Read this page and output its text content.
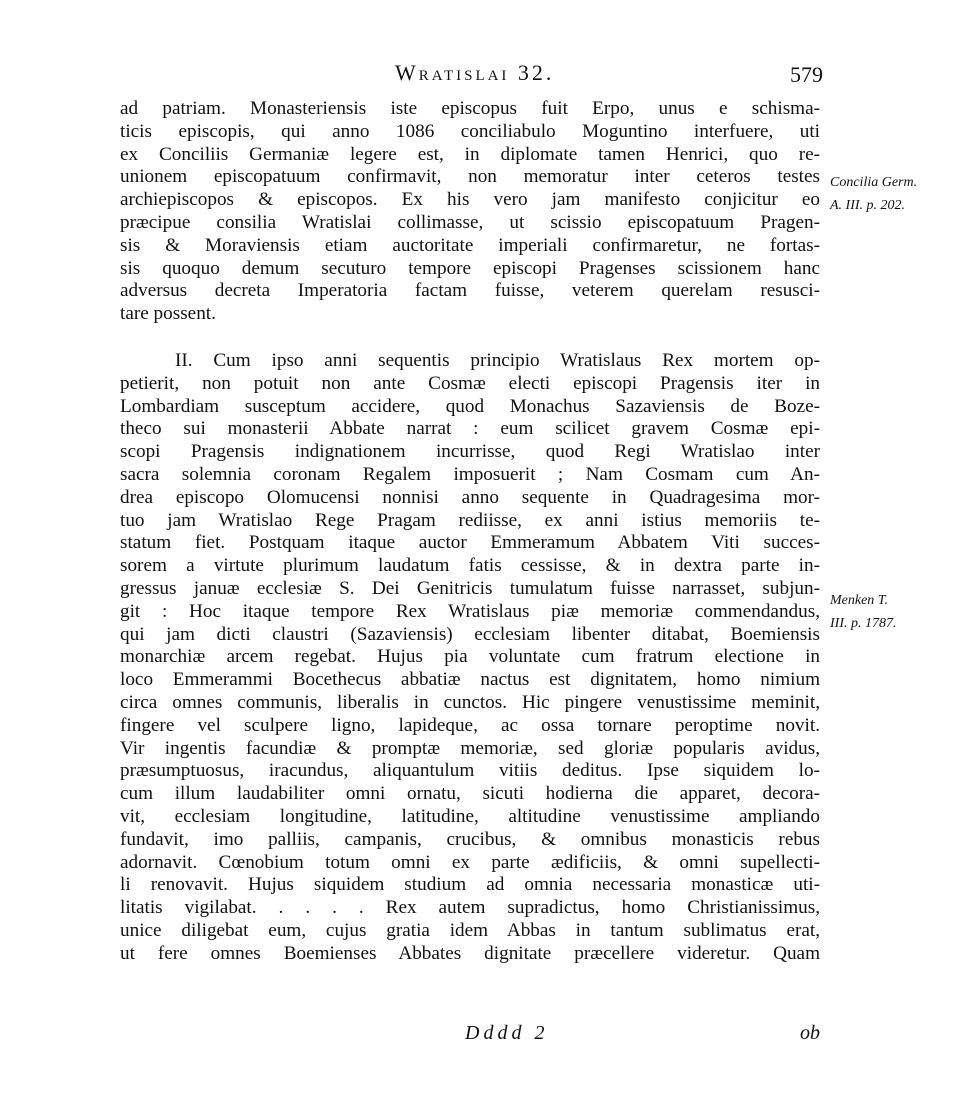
Wratislai 32.	579
ad patriam. Monasteriensis iste episcopus fuit Erpo, unus e schisma-
ticis episcopis, qui anno 1086 conciliabulo Moguntino interfuere, uti
ex Conciliis Germaniæ legere est, in diplomate tamen Henrici, quo re-
unionem episcopatuum confirmavit, non memoratur inter ceteros testes
archiepiscopos & episcopos. Ex his vero jam manifesto conjicitur eo
præcipue consilia Wratislai collimasse, ut scissio episcopatuum Pragen-
sis & Moraviensis etiam auctoritate imperiali confirmaretur, ne fortas-
sis quoquo demum secuturo tempore episcopi Pragenses scissionem hanc
adversus decreta Imperatoria factam fuisse, veterem querelam resusci-
tare possent.
II. Cum ipso anni sequentis principio Wratislaus Rex mortem op-
petierit, non potuit non ante Cosmæ electi episcopi Pragensis iter in
Lombardiam susceptum accidere, quod Monachus Sazaviensis de Boze-
theco sui monasterii Abbate narrat : eum scilicet gravem Cosmæ epi-
scopi Pragensis indignationem incurrisse, quod Regi Wratislao inter
sacra solemnia coronam Regalem imposuerit ; Nam Cosmam cum An-
drea episcopo Olomucensi nonnisi anno sequente in Quadragesima mor-
tuo jam Wratislao Rege Pragam rediisse, ex anni istius memoriis te-
statum fiet. Postquam itaque auctor Emmeramum Abbatem Viti succes-
sorem a virtute plurimum laudatum fatis cessisse, & in dextra parte in-
gressus januæ ecclesiæ S. Dei Genitricis tumulatum fuisse narrasset, subjun-
git : Hoc itaque tempore Rex Wratislaus piæ memoriæ commendandus,
qui jam dicti claustri (Sazaviensis) ecclesiam libenter ditabat, Boemiensis
monarchiæ arcem regebat. Hujus pia voluntate cum fratrum electione in
loco Emmerammi Bocethecus abbatiæ nactus est dignitatem, homo nimium
circa omnes communis, liberalis in cunctos. Hic pingere venustissime meminit,
fingere vel sculpere ligno, lapideque, ac ossa tornare peroptime novit.
Vir ingentis facundiæ & promptæ memoriæ, sed gloriæ popularis avidus,
præsumptuosus, iracundus, aliquantulum vitiis deditus. Ipse siquidem lo-
cum illum laudabiliter omni ornatu, sicuti hodierna die apparet, decora-
vit, ecclesiam longitudine, latitudine, altitudine venustissime ampliando
fundavit, imo palliis, campanis, crucibus, & omnibus monasticis rebus
adornavit. Cœnobium totum omni ex parte ædificiis, & omni supellecti-
li renovavit. Hujus siquidem studium ad omnia necessaria monasticæ uti-
litatis vigilabat. . . . . Rex autem supradictus, homo Christianissimus,
unice diligebat eum, cujus gratia idem Abbas in tantum sublimatus erat,
ut fere omnes Boemienses Abbates dignitate præcellere videretur. Quam
Concilia Germ.
A. III. p. 202.
Menken T.
III. p. 1787.
Dddd 2	ob
